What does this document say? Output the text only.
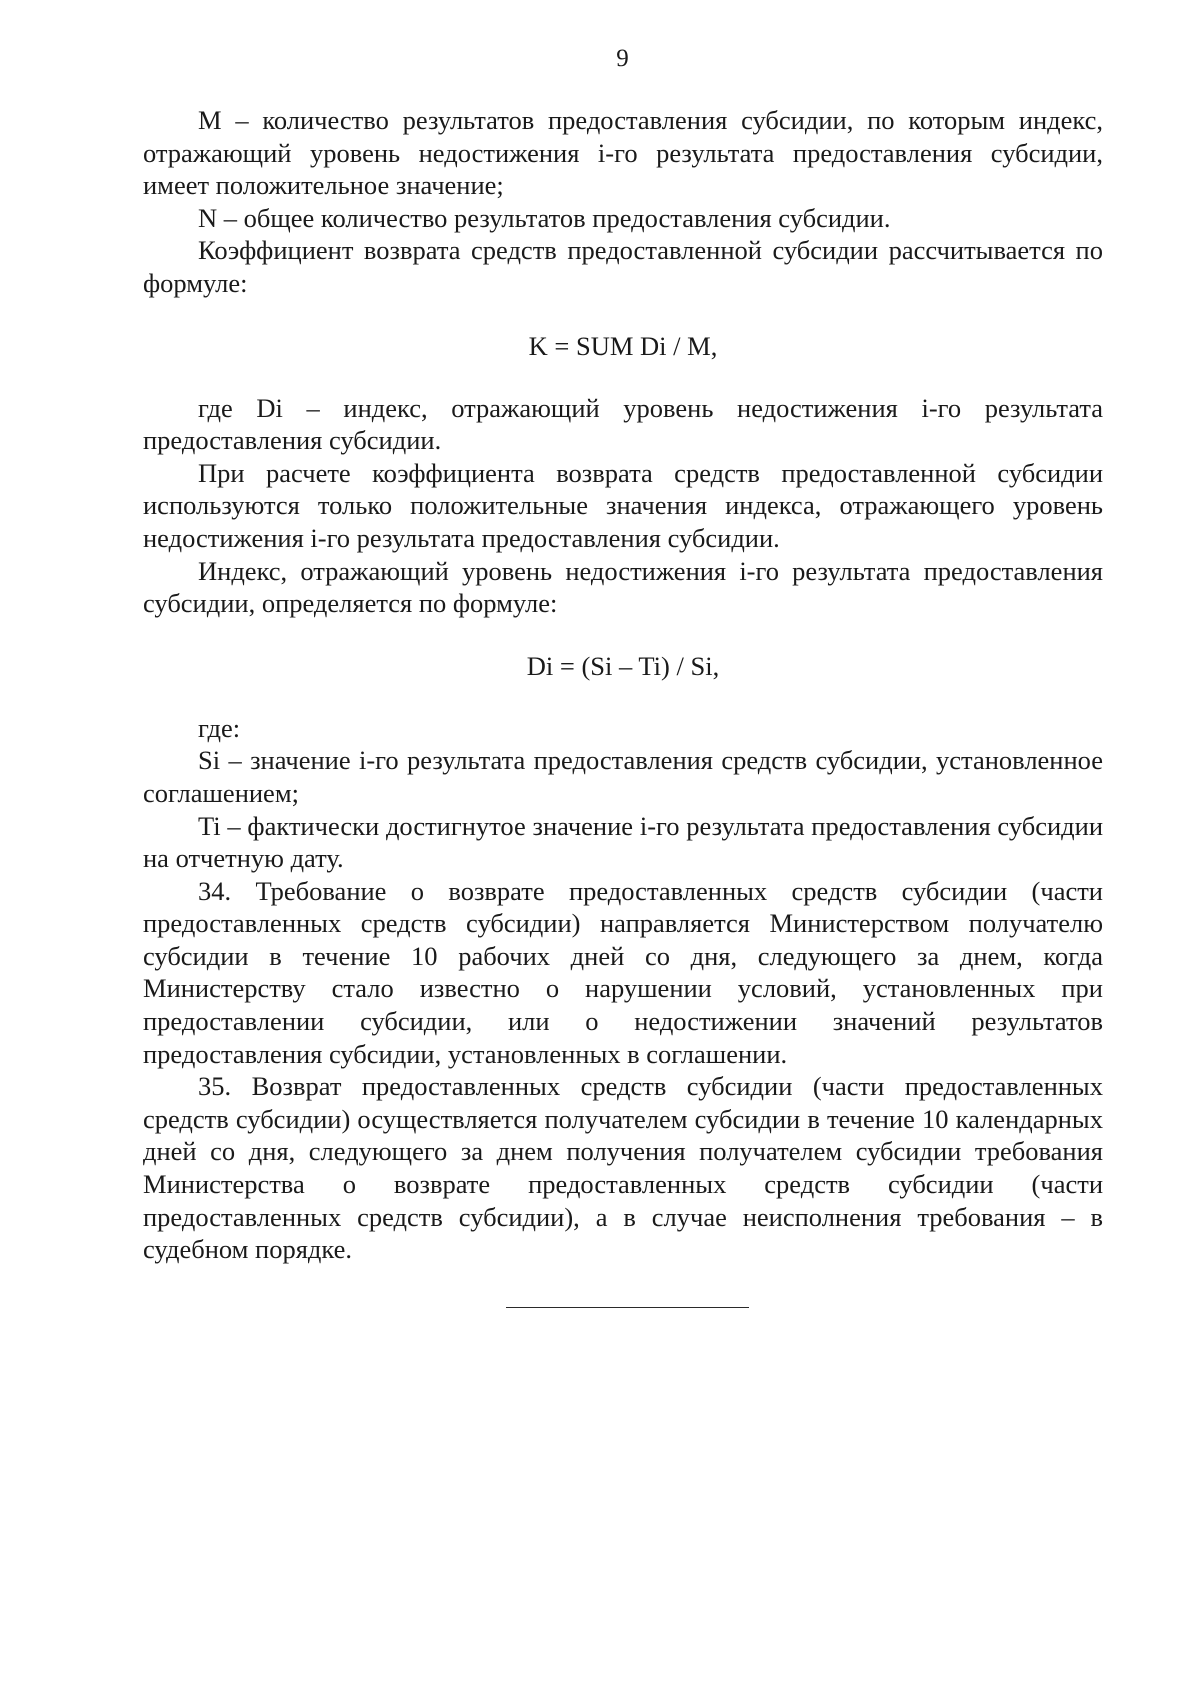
9

M – количество результатов предоставления субсидии, по которым индекс, отражающий уровень недостижения i-го результата предоставления субсидии, имеет положительное значение;

N – общее количество результатов предоставления субсидии.

Коэффициент возврата средств предоставленной субсидии рассчитывается по формуле:

K = SUM Di / M,

где Di – индекс, отражающий уровень недостижения i-го результата предоставления субсидии.

При расчете коэффициента возврата средств предоставленной субсидии используются только положительные значения индекса, отражающего уровень недостижения i-го результата предоставления субсидии.

Индекс, отражающий уровень недостижения i-го результата предоставления субсидии, определяется по формуле:

Di = (Si – Ti) / Si,

где:

Si – значение i-го результата предоставления средств субсидии, установленное соглашением;

Ti – фактически достигнутое значение i-го результата предоставления субсидии на отчетную дату.

34. Требование о возврате предоставленных средств субсидии (части предоставленных средств субсидии) направляется Министерством получателю субсидии в течение 10 рабочих дней со дня, следующего за днем, когда Министерству стало известно о нарушении условий, установленных при предоставлении субсидии, или о недостижении значений результатов предоставления субсидии, установленных в соглашении.

35. Возврат предоставленных средств субсидии (части предоставленных средств субсидии) осуществляется получателем субсидии в течение 10 календарных дней со дня, следующего за днем получения получателем субсидии требования Министерства о возврате предоставленных средств субсидии (части предоставленных средств субсидии), а в случае неисполнения требования – в судебном порядке.
